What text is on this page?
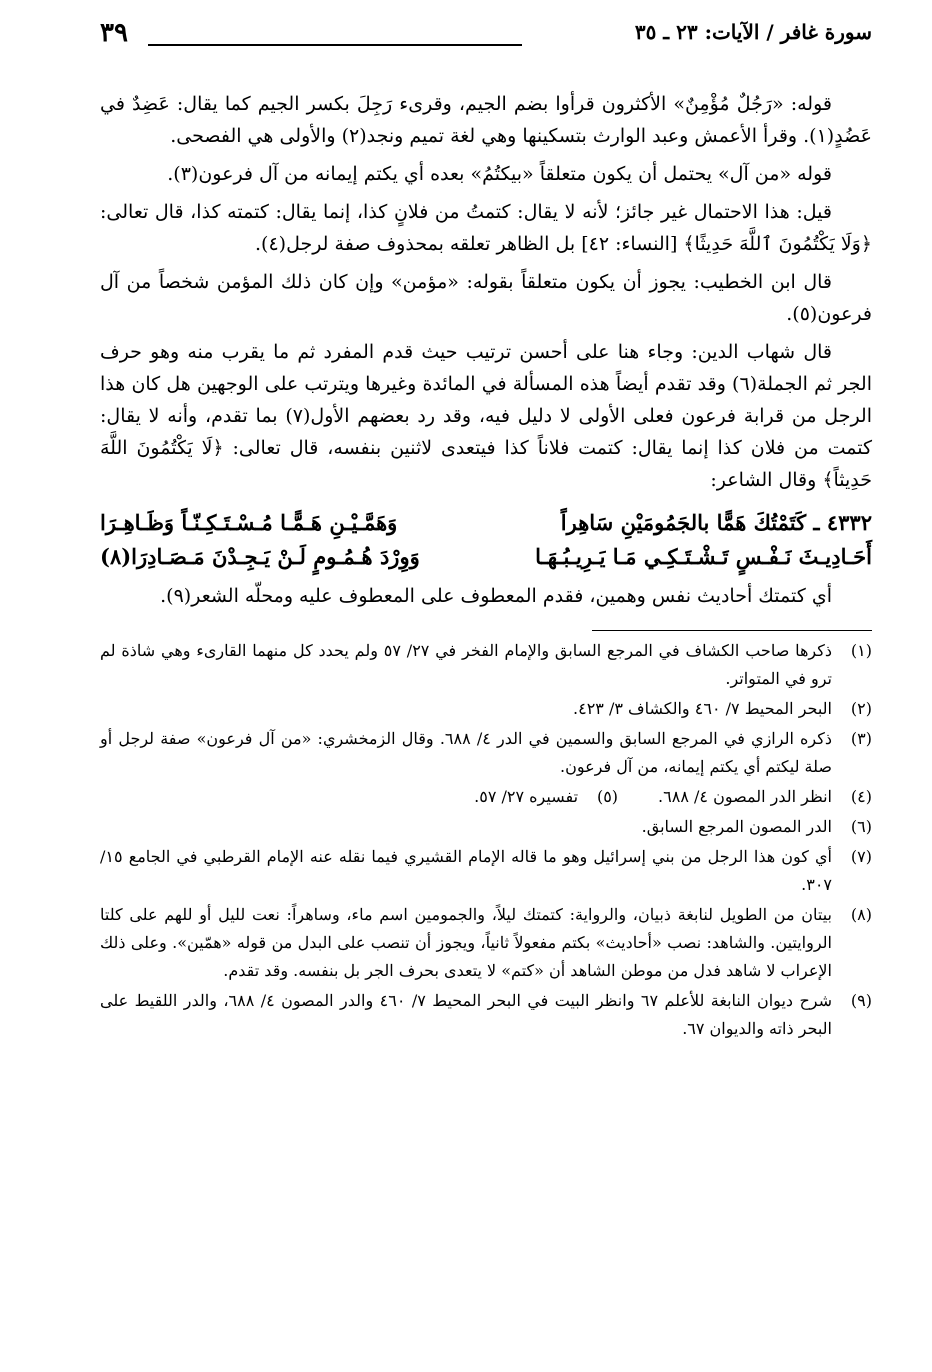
٣٩	سورة غافر / الآيات: ٢٣ ـ ٣٥

قوله: «رَجُلٌ مُؤْمِنٌ» الأكثرون قرأوا بضم الجيم، وقرىء رَجِلَ بكسر الجيم كما يقال: عَضِدٌ في عَضُدٍ(١). وقرأ الأعمش وعبد الوارث بتسكينها وهي لغة تميم ونجد(٢) والأولى هي الفصحى.

قوله «من آل» يحتمل أن يكون متعلقاً «بيكتُمُ» بعده أي يكتم إيمانه من آل فرعون(٣).

قيل: هذا الاحتمال غير جائز؛ لأنه لا يقال: كتمتُ من فلانٍ كذا، إنما يقال: كتمته كذا، قال تعالى: ﴿وَلَا يَكْتُمُونَ ٱللَّهَ حَدِيثًا﴾ [النساء: ٤٢] بل الظاهر تعلقه بمحذوف صفة لرجل(٤).

قال ابن الخطيب: يجوز أن يكون متعلقاً بقوله: «مؤمن» وإن كان ذلك المؤمن شخصاً من آل فرعون(٥).

قال شهاب الدين: وجاء هنا على أحسن ترتيب حيث قدم المفرد ثم ما يقرب منه وهو حرف الجر ثم الجملة(٦) وقد تقدم أيضاً هذه المسألة في المائدة وغيرها ويترتب على الوجهين هل كان هذا الرجل من قرابة فرعون فعلى الأولى لا دليل فيه، وقد رد بعضهم الأول(٧) بما تقدم، وأنه لا يقال: كتمت من فلان كذا إنما يقال: كتمت فلاناً كذا فيتعدى لاثنين بنفسه، قال تعالى: ﴿لَا يَكْتُمُونَ اللَّهَ حَدِيثاً﴾ وقال الشاعر:

٤٣٣٢ ـ كَتَمْتُكَ هَمًّا بالجَمُومَيْنِ سَاهِراً
وَهَمَّـيْـنِ هَـمًّـا مُـسْـتَـكِـنّـاً وَظَـاهِـرَا
أَحَـادِيـثَ نَـفْـسٍ تَـشْـتَـكِـي مَـا يَـرِيـبُـهَـا
وَوِرْدَ هُـمُـومٍ لَـنْ يَـجِـدْنَ مَـصَـادِرَا(٨)

أي كتمتك أحاديث نفس وهمين، فقدم المعطوف على المعطوف عليه ومحلّه الشعر(٩).

(١)
ذكرها صاحب الكشاف في المرجع السابق والإمام الفخر في ٢٧/ ٥٧ ولم يحدد كل منهما القارىء وهي شاذة لم ترو في المتواتر.
(٢)
البحر المحيط ٧/ ٤٦٠ والكشاف ٣/ ٤٢٣.
(٣)
ذكره الرازي في المرجع السابق والسمين في الدر ٤/ ٦٨٨. وقال الزمخشري: «من آل فرعون» صفة لرجل أو صلة ليكتم أي يكتم إيمانه، من آل فرعون.
(٤)
انظر الدر المصون ٤/ ٦٨٨.
(٥)
تفسيره ٢٧/ ٥٧.
(٦)
الدر المصون المرجع السابق.
(٧)
أي كون هذا الرجل من بني إسرائيل وهو ما قاله الإمام القشيري فيما نقله عنه الإمام القرطبي في الجامع ١٥/ ٣٠٧.
(٨)
بيتان من الطويل لنابغة ذبيان، والرواية: كتمتك ليلاً، والجمومين اسم ماء، وساهراً: نعت لليل أو للهم على كلتا الروايتين. والشاهد: نصب «أحاديث» بكتم مفعولاً ثانياً، ويجوز أن تنصب على البدل من قوله «همّين». وعلى ذلك الإعراب لا شاهد فدل من موطن الشاهد أن «كتم» لا يتعدى بحرف الجر بل بنفسه. وقد تقدم.
(٩)
شرح ديوان النابغة للأعلم ٦٧ وانظر البيت في البحر المحيط ٧/ ٤٦٠ والدر المصون ٤/ ٦٨٨، والدر اللقيط على البحر ذاته والديوان ٦٧.
